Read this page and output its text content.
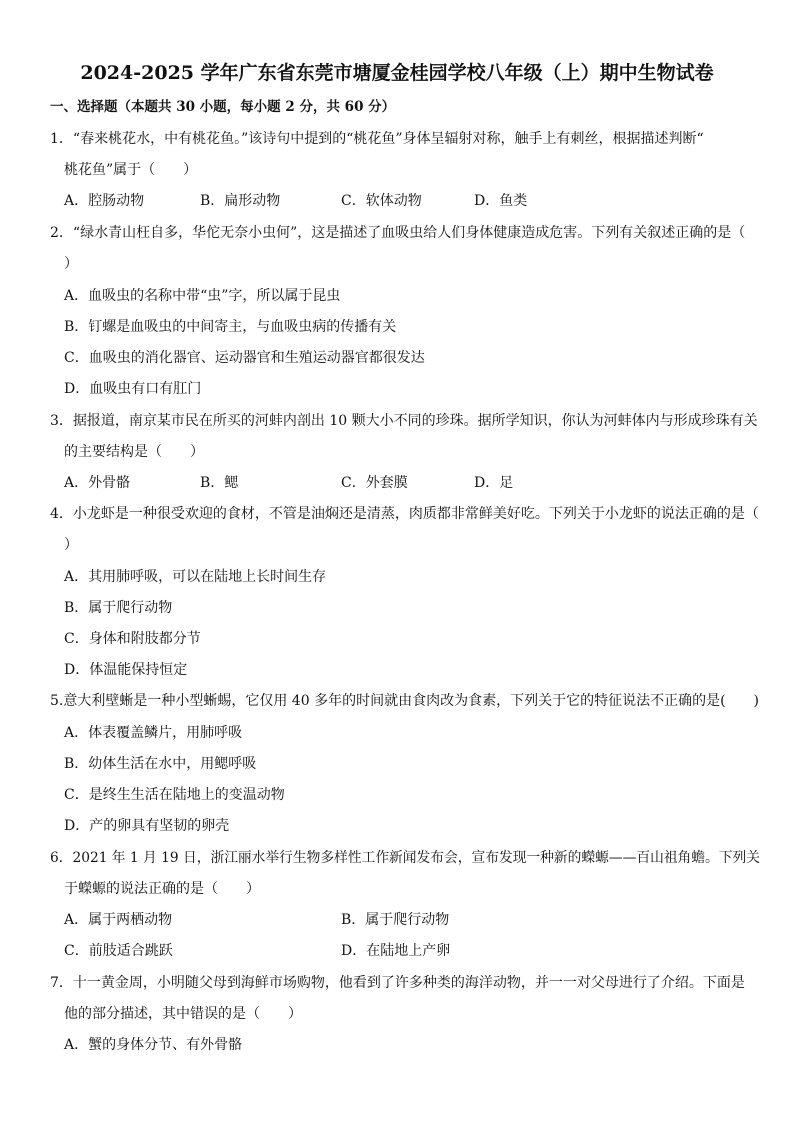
2024-2025 学年广东省东莞市塘厦金桂园学校八年级（上）期中生物试卷
一、选择题（本题共 30 小题，每小题 2 分，共 60 分）
1．“春来桃花水，中有桃花鱼。”该诗句中提到的“桃花鱼”身体呈辐射对称，触手上有刺丝，根据描述判断“
桃花鱼”属于（　　）
A．腔肠动物	B．扁形动物	C．软体动物	D．鱼类
2．“绿水青山枉自多，华佗无奈小虫何”，这是描述了血吸虫给人们身体健康造成危害。下列有关叙述正确的是（
）
A．血吸虫的名称中带“虫”字，所以属于昆虫
B．钉螺是血吸虫的中间寄主，与血吸虫病的传播有关
C．血吸虫的消化器官、运动器官和生殖运动器官都很发达
D．血吸虫有口有肛门
3．据报道，南京某市民在所买的河蚌内剖出 10 颗大小不同的珍珠。据所学知识，你认为河蚌体内与形成珍珠有关
的主要结构是（　　）
A．外骨骼	B．鳃	C．外套膜	D．足
4．小龙虾是一种很受欢迎的食材，不管是油焖还是清蒸，肉质都非常鲜美好吃。下列关于小龙虾的说法正确的是（
）
A．其用肺呼吸，可以在陆地上长时间生存
B．属于爬行动物
C．身体和附肢都分节
D．体温能保持恒定
5.意大利壁蜥是一种小型蜥蜴，它仅用 40 多年的时间就由食肉改为食素，下列关于它的特征说法不正确的是(　　)
A．体表覆盖鳞片，用肺呼吸
B．幼体生活在水中，用鳃呼吸
C．是终生生活在陆地上的变温动物
D．产的卵具有坚韧的卵壳
6．2021 年 1 月 19 日，浙江丽水举行生物多样性工作新闻发布会，宣布发现一种新的蠑螈——百山祖角蟾。下列关
于蠑螈的说法正确的是（　　）
A．属于两栖动物	B．属于爬行动物
C．前肢适合跳跃	D．在陆地上产卵
7．十一黄金周，小明随父母到海鲜市场购物，他看到了许多种类的海洋动物，并一一对父母进行了介绍。下面是
他的部分描述，其中错误的是（　　）
A．蟹的身体分节、有外骨骼
